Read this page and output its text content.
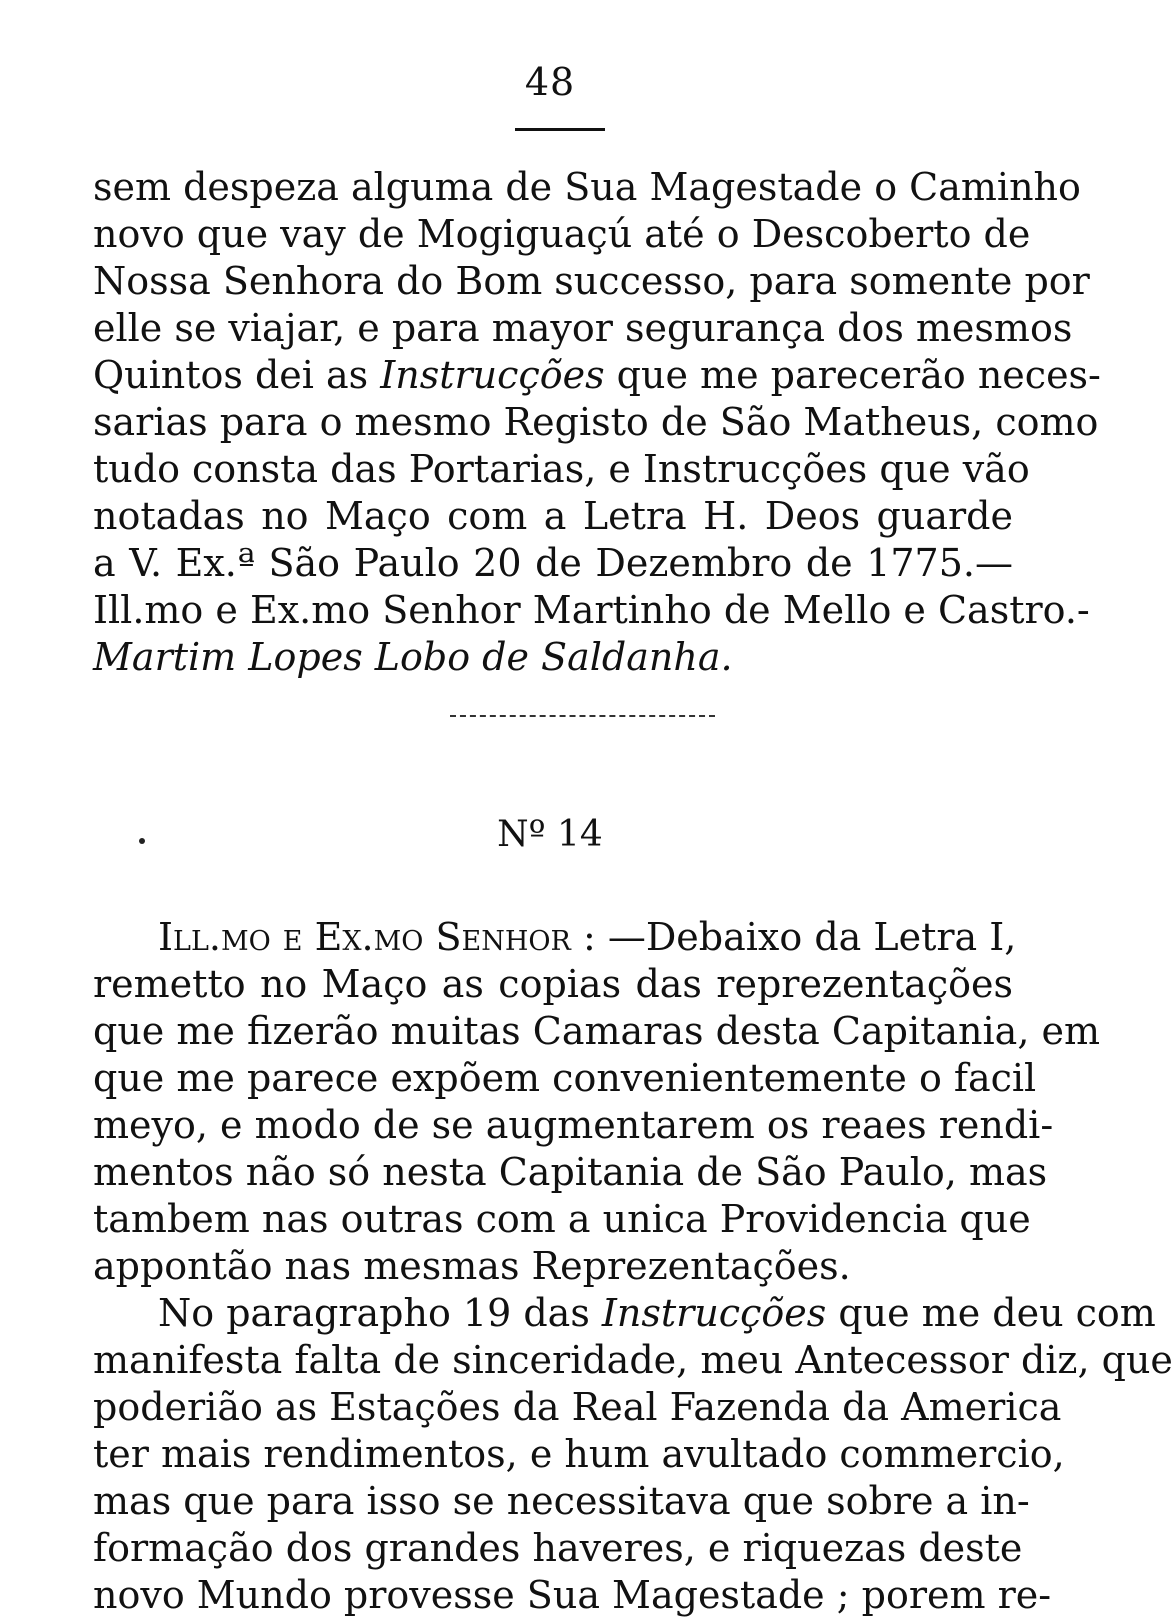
48
sem despeza alguma de Sua Magestade o Caminho
novo que vay de Mogiguaçú até o Descoberto de
Nossa Senhora do Bom successo, para somente por
elle se viajar, e para mayor segurança dos mesmos
Quintos dei as Instrucções que me parecerão neces-
sarias para o mesmo Registo de São Matheus, como
tudo consta das Portarias, e Instrucções que vão
notadas no Maço com a Letra H. Deos guarde
a V. Ex.ª São Paulo 20 de Dezembro de 1775.—
Ill.mo e Ex.mo Senhor Martinho de Mello e Castro.-
Martim Lopes Lobo de Saldanha.
Nº 14
Ill.mo e Ex.mo Senhor : —Debaixo da Letra I,
remetto no Maço as copias das reprezentações
que me fizerão muitas Camaras desta Capitania, em
que me parece expõem convenientemente o facil
meyo, e modo de se augmentarem os reaes rendi-
mentos não só nesta Capitania de São Paulo, mas
tambem nas outras com a unica Providencia que
appontão nas mesmas Reprezentações.
No paragrapho 19 das Instrucções que me deu com
manifesta falta de sinceridade, meu Antecessor diz, que
poderião as Estações da Real Fazenda da America
ter mais rendimentos, e hum avultado commercio,
mas que para isso se necessitava que sobre a in-
formação dos grandes haveres, e riquezas deste
novo Mundo provesse Sua Magestade ; porem re-
